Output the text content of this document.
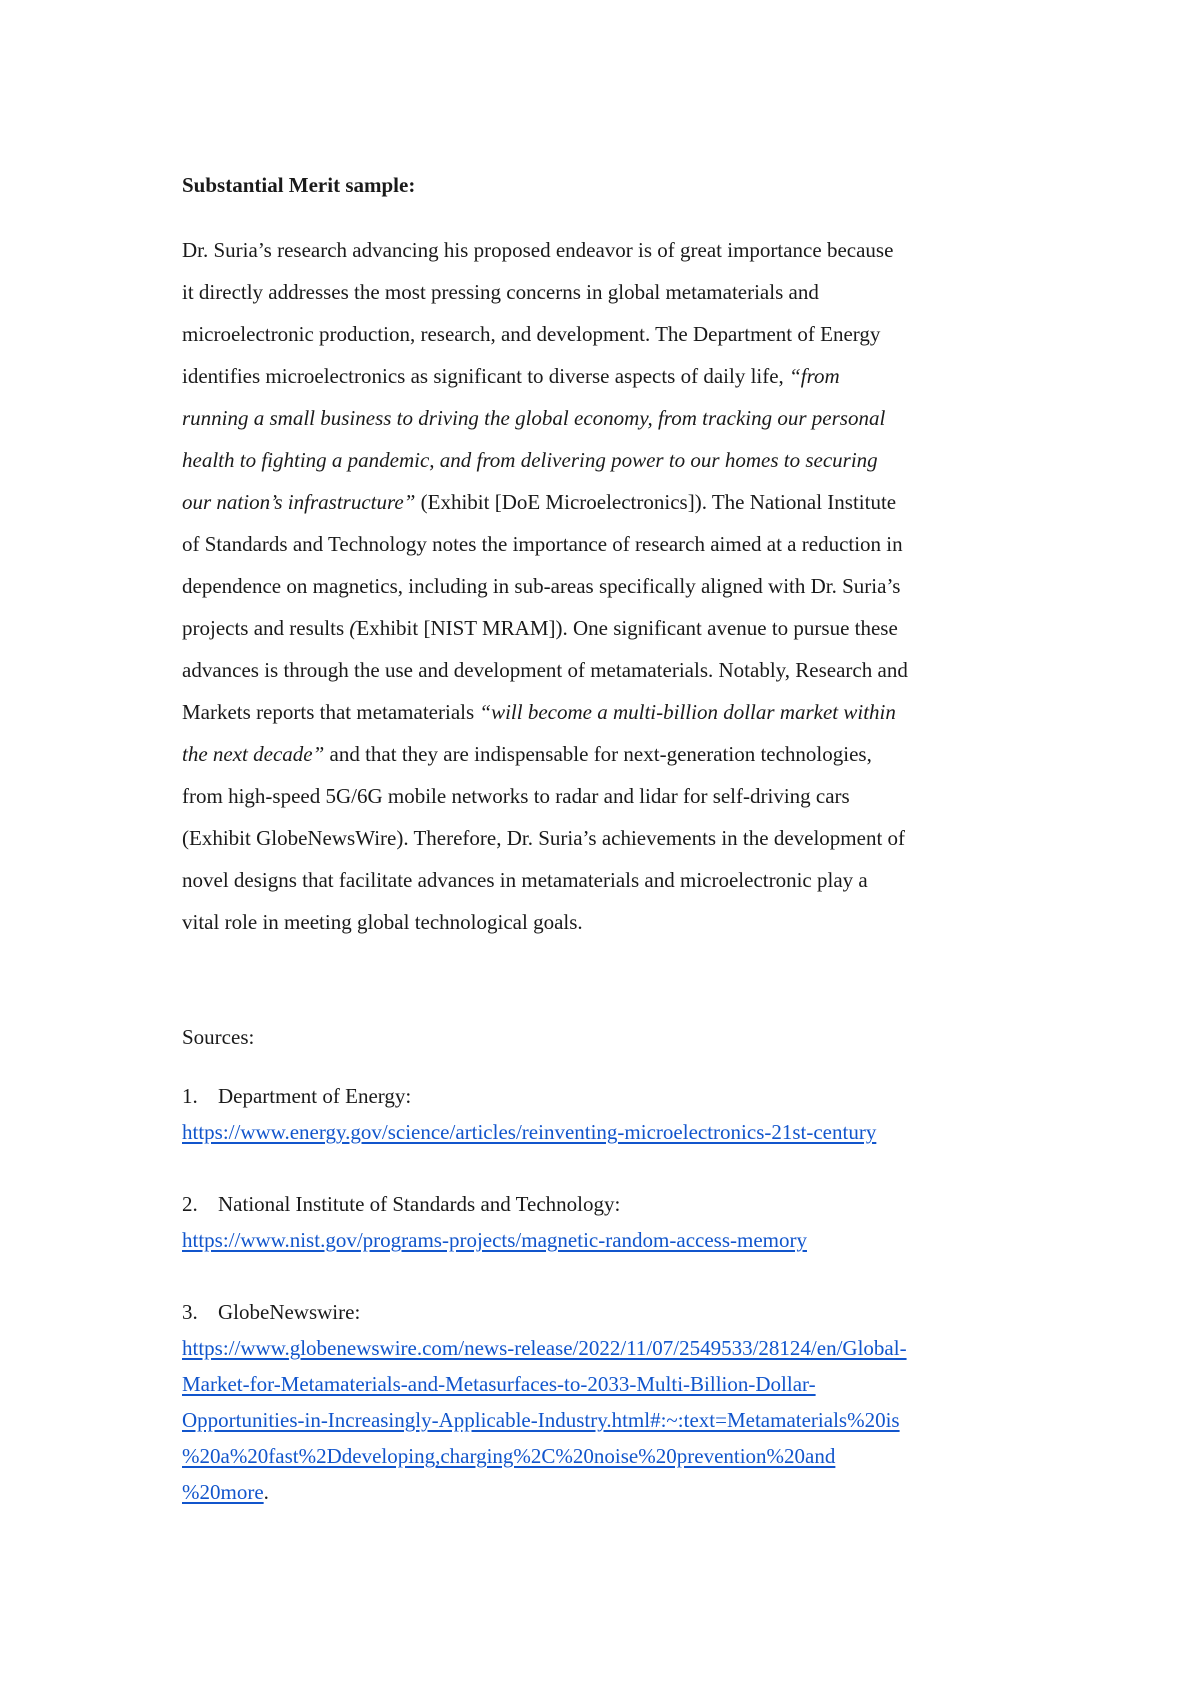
Substantial Merit sample:
Dr. Suria’s research advancing his proposed endeavor is of great importance because
it directly addresses the most pressing concerns in global metamaterials and
microelectronic production, research, and development. The Department of Energy
identifies microelectronics as significant to diverse aspects of daily life, “from
running a small business to driving the global economy, from tracking our personal
health to fighting a pandemic, and from delivering power to our homes to securing
our nation’s infrastructure” (Exhibit [DoE Microelectronics]). The National Institute
of Standards and Technology notes the importance of research aimed at a reduction in
dependence on magnetics, including in sub-areas specifically aligned with Dr. Suria’s
projects and results (Exhibit [NIST MRAM]). One significant avenue to pursue these
advances is through the use and development of metamaterials. Notably, Research and
Markets reports that metamaterials “will become a multi-billion dollar market within
the next decade” and that they are indispensable for next-generation technologies,
from high-speed 5G/6G mobile networks to radar and lidar for self-driving cars
(Exhibit GlobeNewsWire). Therefore, Dr. Suria’s achievements in the development of
novel designs that facilitate advances in metamaterials and microelectronic play a
vital role in meeting global technological goals.
Sources:
1. Department of Energy:
https://www.energy.gov/science/articles/reinventing-microelectronics-21st-century
2. National Institute of Standards and Technology:
https://www.nist.gov/programs-projects/magnetic-random-access-memory
3. GlobeNewswire:
https://www.globenewswire.com/news-release/2022/11/07/2549533/28124/en/Global-
Market-for-Metamaterials-and-Metasurfaces-to-2033-Multi-Billion-Dollar-
Opportunities-in-Increasingly-Applicable-Industry.html#:~:text=Metamaterials%20is
%20a%20fast%2Ddeveloping,charging%2C%20noise%20prevention%20and
%20more.
